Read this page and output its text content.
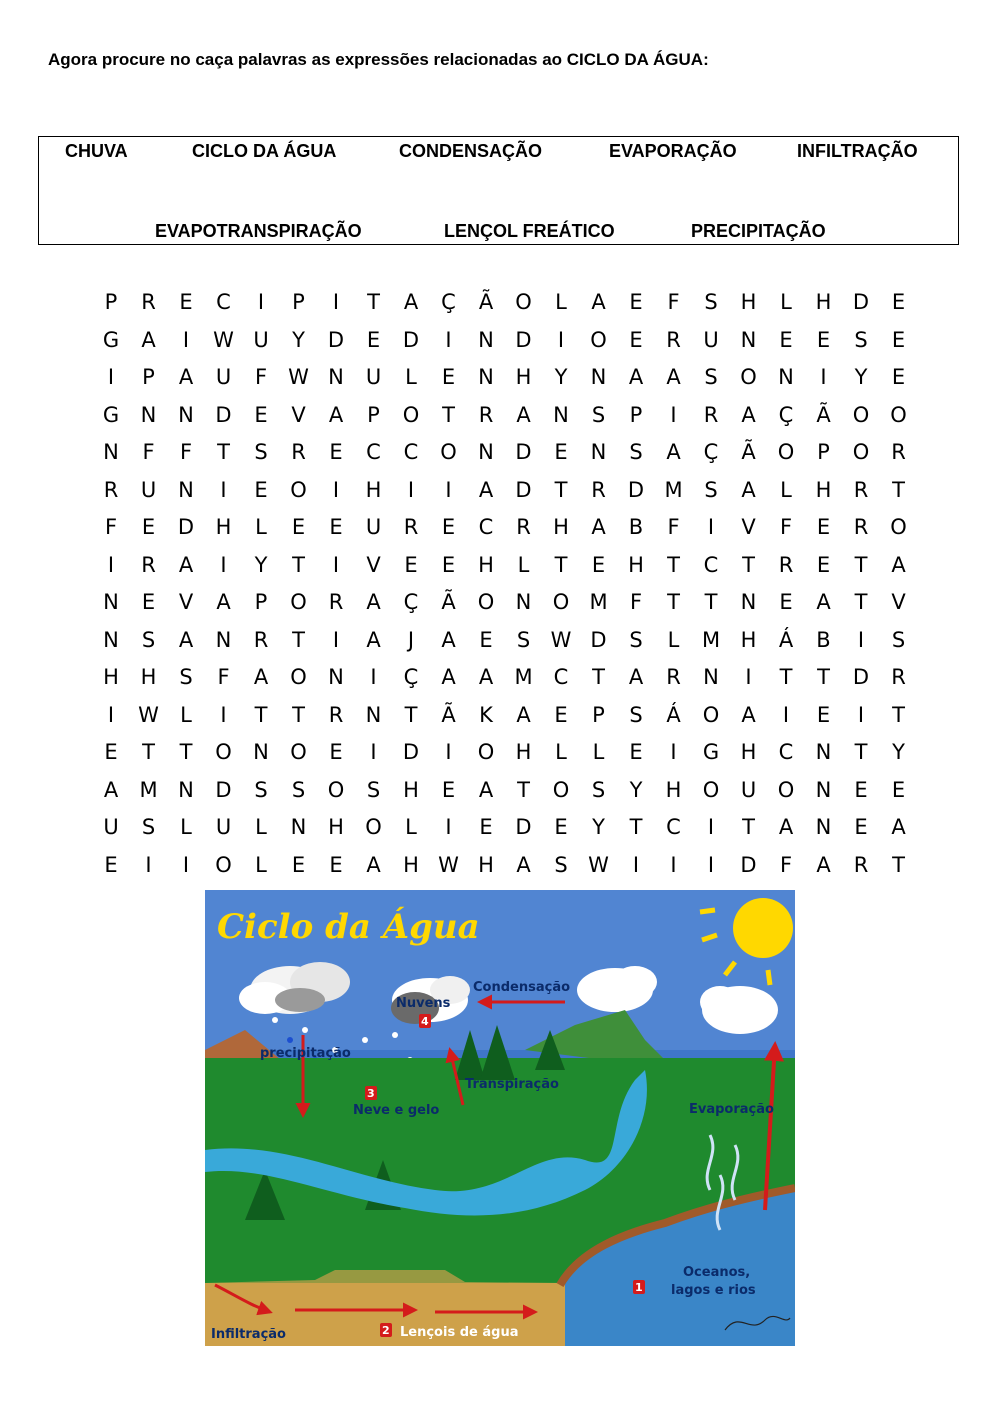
Agora procure no caça palavras as expressões relacionadas ao CICLO DA ÁGUA:
CHUVA	CICLO DA ÁGUA	CONDENSAÇÃO	EVAPORAÇÃO	INFILTRAÇÃO
EVAPOTRANSPIRAÇÃO	LENÇOL FREÁTICO	PRECIPITAÇÃO
P	R	E	C	I	P	I	T	A	Ç	Ã	O	L	A	E	F	S	H	L	H	D	E
G	A	I	W U	Y	D	E	D	I	N	D	I	O	E	R	U	N	E	E	S	E
I	P	A	U	F	W N	U	L	E	N	H	Y	N	A	A	S	O	N	I	Y	E
G	N	N	D	E	V	A	P	O	T	R	A	N	S	P	I	R	A	Ç	Ã	O O
N	F	F	T	S	R	E	C	C	O	N	D	E	N	S	A	Ç	Ã	O	P	O	R
R	U	N	I	E	O	I	H	I	I	A	D	T	R	D M	S	A	L	H	R	T
F	E	D	H	L	E	E	U	R	E	C	R	H	A	B	F	I	V	F	E	R	O
I	R	A	I	Y	T	I	V	E	E	H	L	T	E	H	T	C	T	R	E	T	A
N	E	V	A	P	O	R	A	Ç	Ã	O	N	O M	F	T	T	N	E	A	T	V
N	S	A	N	R	T	I	A	J	A	E	S W D	S	L	M H	Á	B	I	S
H	H	S	F	A	O	N	I	Ç	A	A	M	C	T	A	R	N	I	T	T	D	R
I	W	L	I	T	T	R	N	T	Ã	K	A	E	P	S	Á	O	A	I	E	I	T
E	T	T	O	N	O	E	I	D	I	O	H	L	L	E	I	G	H	C	N	T	Y
A	M N	D	S	S	O	S	H	E	A	T	O	S	Y	H	O	U	O	N	E	E
U	S	L	U	L	N	H	O	L	I	E	D	E	Y	T	C	I	T	A	N	E	A
E	I	I	O	L	E	E	A	H W H	A	S W	I	I	I	D	F	A	R	T
Ciclo da Água
Condensação
Nuvens
4
precipitação
3
Neve e gelo
Transpiração
Evaporação
Oceanos,
lagos e rios
1
Infiltração	2 Lençois de água
